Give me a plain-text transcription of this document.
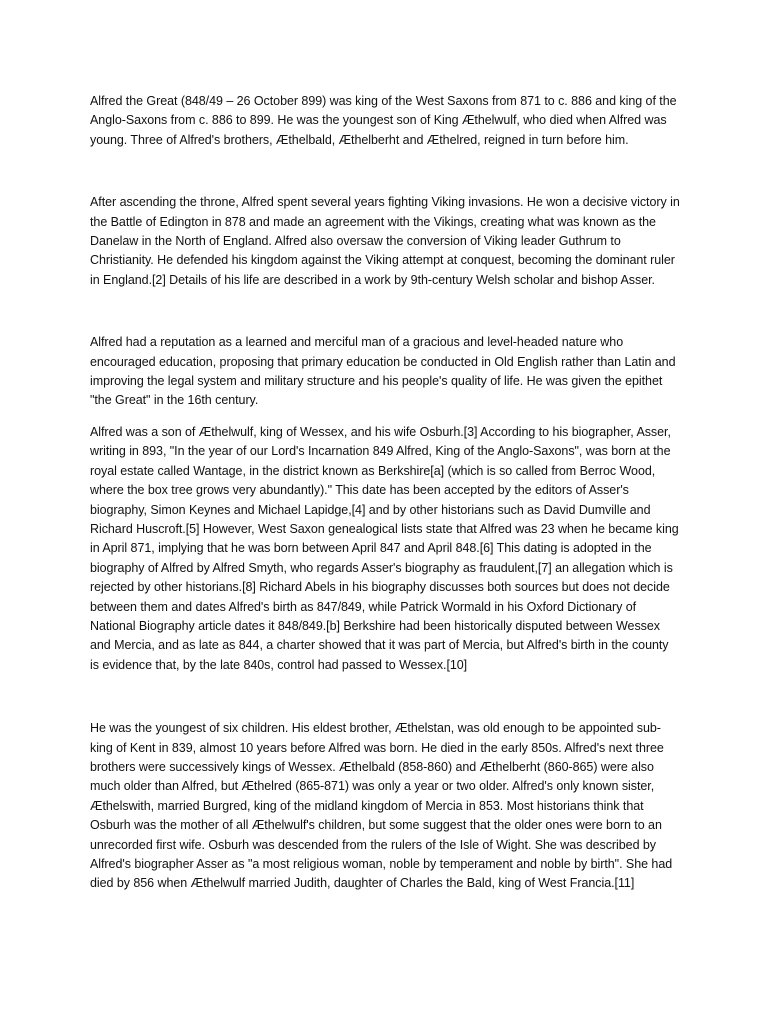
Alfred the Great (848/49 – 26 October 899) was king of the West Saxons from 871 to c. 886 and king of the Anglo-Saxons from c. 886 to 899. He was the youngest son of King Æthelwulf, who died when Alfred was young. Three of Alfred's brothers, Æthelbald, Æthelberht and Æthelred, reigned in turn before him.

After ascending the throne, Alfred spent several years fighting Viking invasions. He won a decisive victory in the Battle of Edington in 878 and made an agreement with the Vikings, creating what was known as the Danelaw in the North of England. Alfred also oversaw the conversion of Viking leader Guthrum to Christianity. He defended his kingdom against the Viking attempt at conquest, becoming the dominant ruler in England.[2] Details of his life are described in a work by 9th-century Welsh scholar and bishop Asser.

Alfred had a reputation as a learned and merciful man of a gracious and level-headed nature who encouraged education, proposing that primary education be conducted in Old English rather than Latin and improving the legal system and military structure and his people's quality of life. He was given the epithet "the Great" in the 16th century.

Alfred was a son of Æthelwulf, king of Wessex, and his wife Osburh.[3] According to his biographer, Asser, writing in 893, "In the year of our Lord's Incarnation 849 Alfred, King of the Anglo-Saxons", was born at the royal estate called Wantage, in the district known as Berkshire[a] (which is so called from Berroc Wood, where the box tree grows very abundantly)." This date has been accepted by the editors of Asser's biography, Simon Keynes and Michael Lapidge,[4] and by other historians such as David Dumville and Richard Huscroft.[5] However, West Saxon genealogical lists state that Alfred was 23 when he became king in April 871, implying that he was born between April 847 and April 848.[6] This dating is adopted in the biography of Alfred by Alfred Smyth, who regards Asser's biography as fraudulent,[7] an allegation which is rejected by other historians.[8] Richard Abels in his biography discusses both sources but does not decide between them and dates Alfred's birth as 847/849, while Patrick Wormald in his Oxford Dictionary of National Biography article dates it 848/849.[b] Berkshire had been historically disputed between Wessex and Mercia, and as late as 844, a charter showed that it was part of Mercia, but Alfred's birth in the county is evidence that, by the late 840s, control had passed to Wessex.[10]

He was the youngest of six children. His eldest brother, Æthelstan, was old enough to be appointed sub-king of Kent in 839, almost 10 years before Alfred was born. He died in the early 850s. Alfred's next three brothers were successively kings of Wessex. Æthelbald (858-860) and Æthelberht (860-865) were also much older than Alfred, but Æthelred (865-871) was only a year or two older. Alfred's only known sister, Æthelswith, married Burgred, king of the midland kingdom of Mercia in 853. Most historians think that Osburh was the mother of all Æthelwulf's children, but some suggest that the older ones were born to an unrecorded first wife. Osburh was descended from the rulers of the Isle of Wight. She was described by Alfred's biographer Asser as "a most religious woman, noble by temperament and noble by birth". She had died by 856 when Æthelwulf married Judith, daughter of Charles the Bald, king of West Francia.[11]
